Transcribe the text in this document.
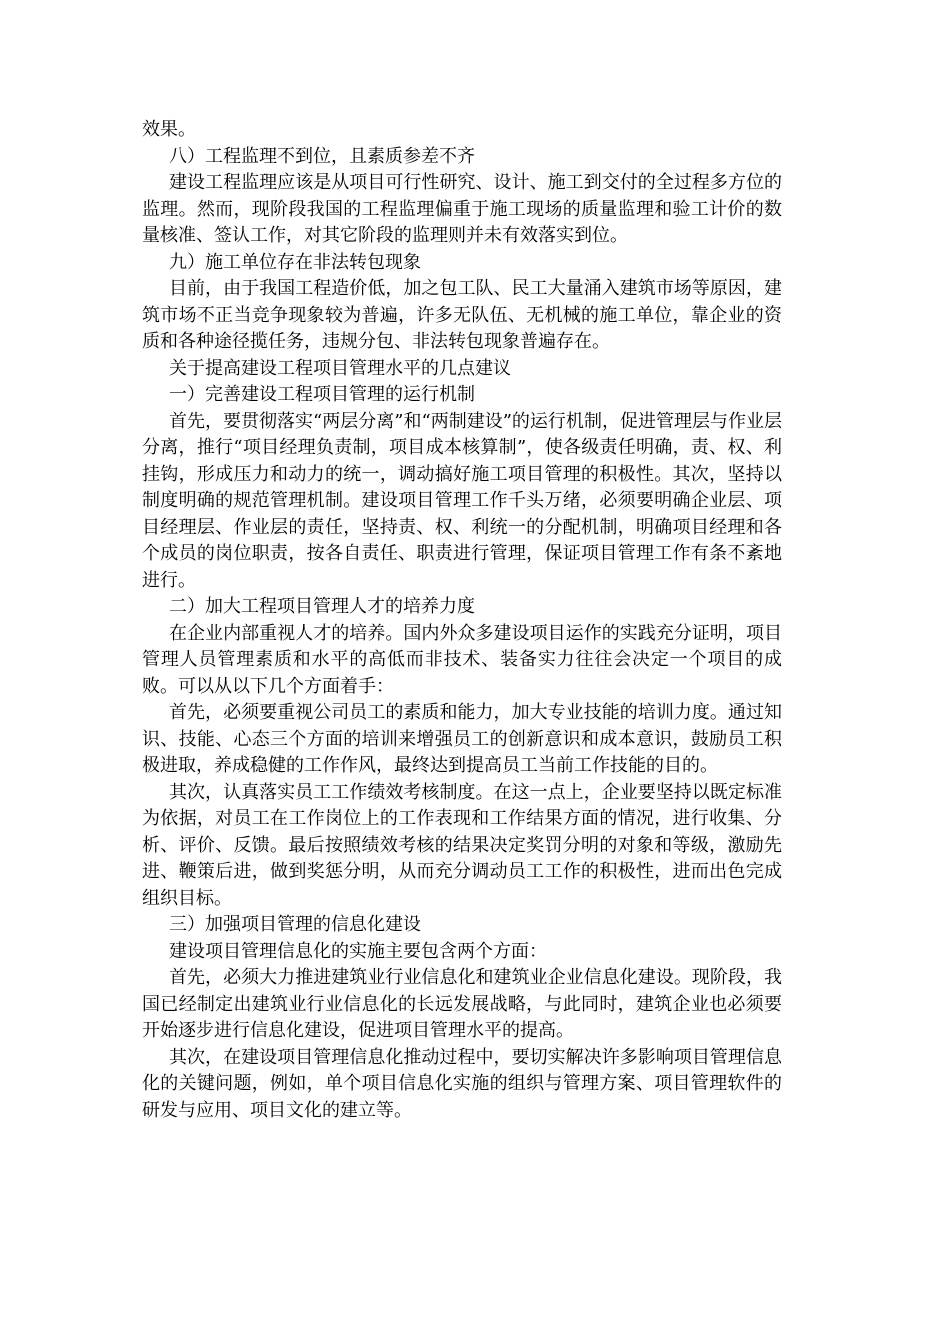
效果。

八）工程监理不到位，且素质参差不齐

建设工程监理应该是从项目可行性研究、设计、施工到交付的全过程多方位的监理。然而，现阶段我国的工程监理偏重于施工现场的质量监理和验工计价的数量核准、签认工作，对其它阶段的监理则并未有效落实到位。

九）施工单位存在非法转包现象

目前，由于我国工程造价低，加之包工队、民工大量涌入建筑市场等原因，建筑市场不正当竞争现象较为普遍，许多无队伍、无机械的施工单位，靠企业的资质和各种途径揽任务，违规分包、非法转包现象普遍存在。

关于提高建设工程项目管理水平的几点建议

一）完善建设工程项目管理的运行机制

首先，要贯彻落实“两层分离”和“两制建设”的运行机制，促进管理层与作业层分离，推行“项目经理负责制，项目成本核算制”，使各级责任明确，责、权、利挂钩，形成压力和动力的统一，调动搞好施工项目管理的积极性。其次，坚持以制度明确的规范管理机制。建设项目管理工作千头万绪，必须要明确企业层、项目经理层、作业层的责任，坚持责、权、利统一的分配机制，明确项目经理和各个成员的岗位职责，按各自责任、职责进行管理，保证项目管理工作有条不紊地进行。

二）加大工程项目管理人才的培养力度

在企业内部重视人才的培养。国内外众多建设项目运作的实践充分证明，项目管理人员管理素质和水平的高低而非技术、装备实力往往会决定一个项目的成败。可以从以下几个方面着手：

首先，必须要重视公司员工的素质和能力，加大专业技能的培训力度。通过知识、技能、心态三个方面的培训来增强员工的创新意识和成本意识，鼓励员工积极进取，养成稳健的工作作风，最终达到提高员工当前工作技能的目的。

其次，认真落实员工工作绩效考核制度。在这一点上，企业要坚持以既定标准为依据，对员工在工作岗位上的工作表现和工作结果方面的情况，进行收集、分析、评价、反馈。最后按照绩效考核的结果决定奖罚分明的对象和等级，激励先进、鞭策后进，做到奖惩分明，从而充分调动员工工作的积极性，进而出色完成组织目标。

三）加强项目管理的信息化建设

建设项目管理信息化的实施主要包含两个方面：

首先，必须大力推进建筑业行业信息化和建筑业企业信息化建设。现阶段，我国已经制定出建筑业行业信息化的长远发展战略，与此同时，建筑企业也必须要开始逐步进行信息化建设，促进项目管理水平的提高。

其次，在建设项目管理信息化推动过程中，要切实解决许多影响项目管理信息化的关键问题，例如，单个项目信息化实施的组织与管理方案、项目管理软件的研发与应用、项目文化的建立等。
